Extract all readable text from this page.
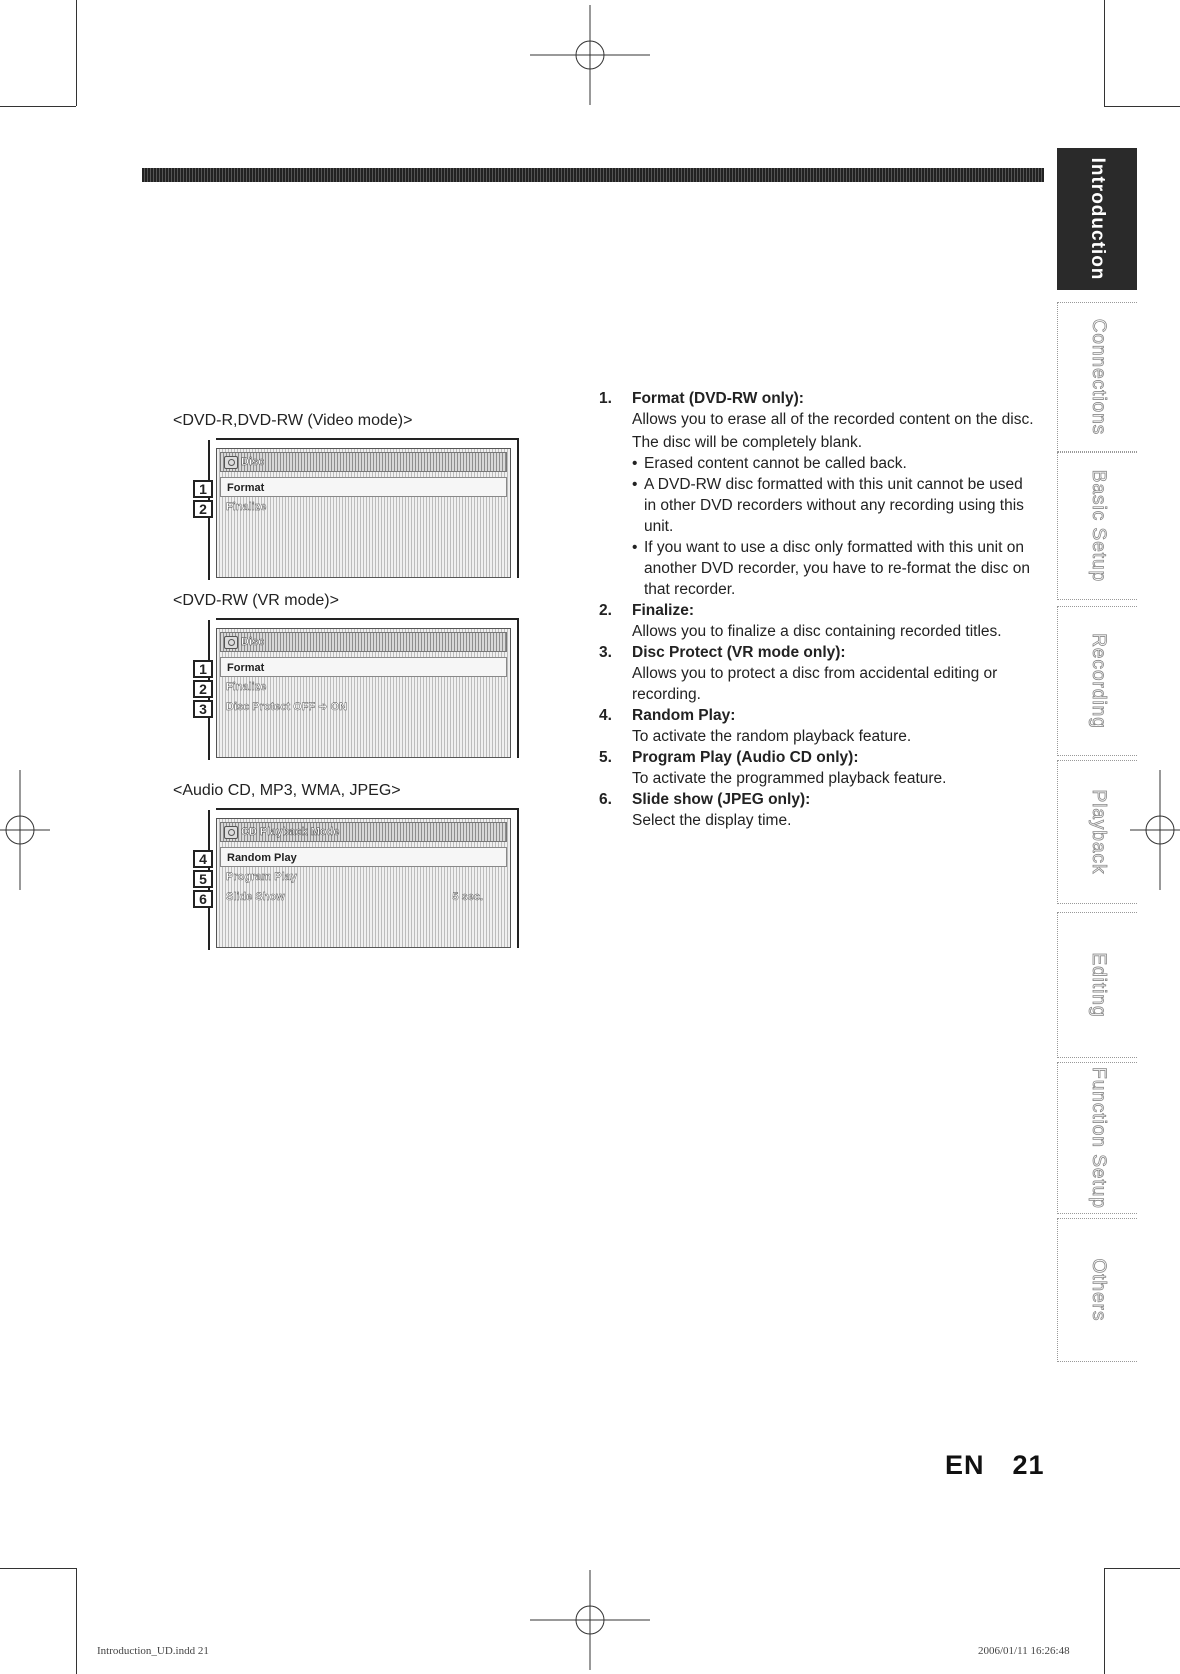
Introduction
Connections
Basic Setup
Recording
Playback
Editing
Function Setup
Others
<DVD-R,DVD-RW (Video mode)>
Disc
Format
Finalize
1
2
<DVD-RW (VR mode)>
Disc
Format
Finalize
Disc Protect OFF ➔ ON
1
2
3
<Audio CD, MP3, WMA, JPEG>
CD Playback Mode
Random Play
Program Play
Slide Show	5 sec.
4
5
6
1. Format (DVD-RW only):

Allows you to erase all of the recorded content on the disc.

The disc will be completely blank.

• Erased content cannot be called back.
• A DVD-RW disc formatted with this unit cannot be used in other DVD recorders without any recording using this unit.
• If you want to use a disc only formatted with this unit on another DVD recorder, you have to re-format the disc on that recorder.
2. Finalize:

Allows you to finalize a disc containing recorded titles.

3. Disc Protect (VR mode only):

Allows you to protect a disc from accidental editing or recording.

4. Random Play:

To activate the random playback feature.

5. Program Play (Audio CD only):

To activate the programmed playback feature.

6. Slide show (JPEG only):

Select the display time.

EN 21
Introduction_UD.indd 21	2006/01/11 16:26:48
